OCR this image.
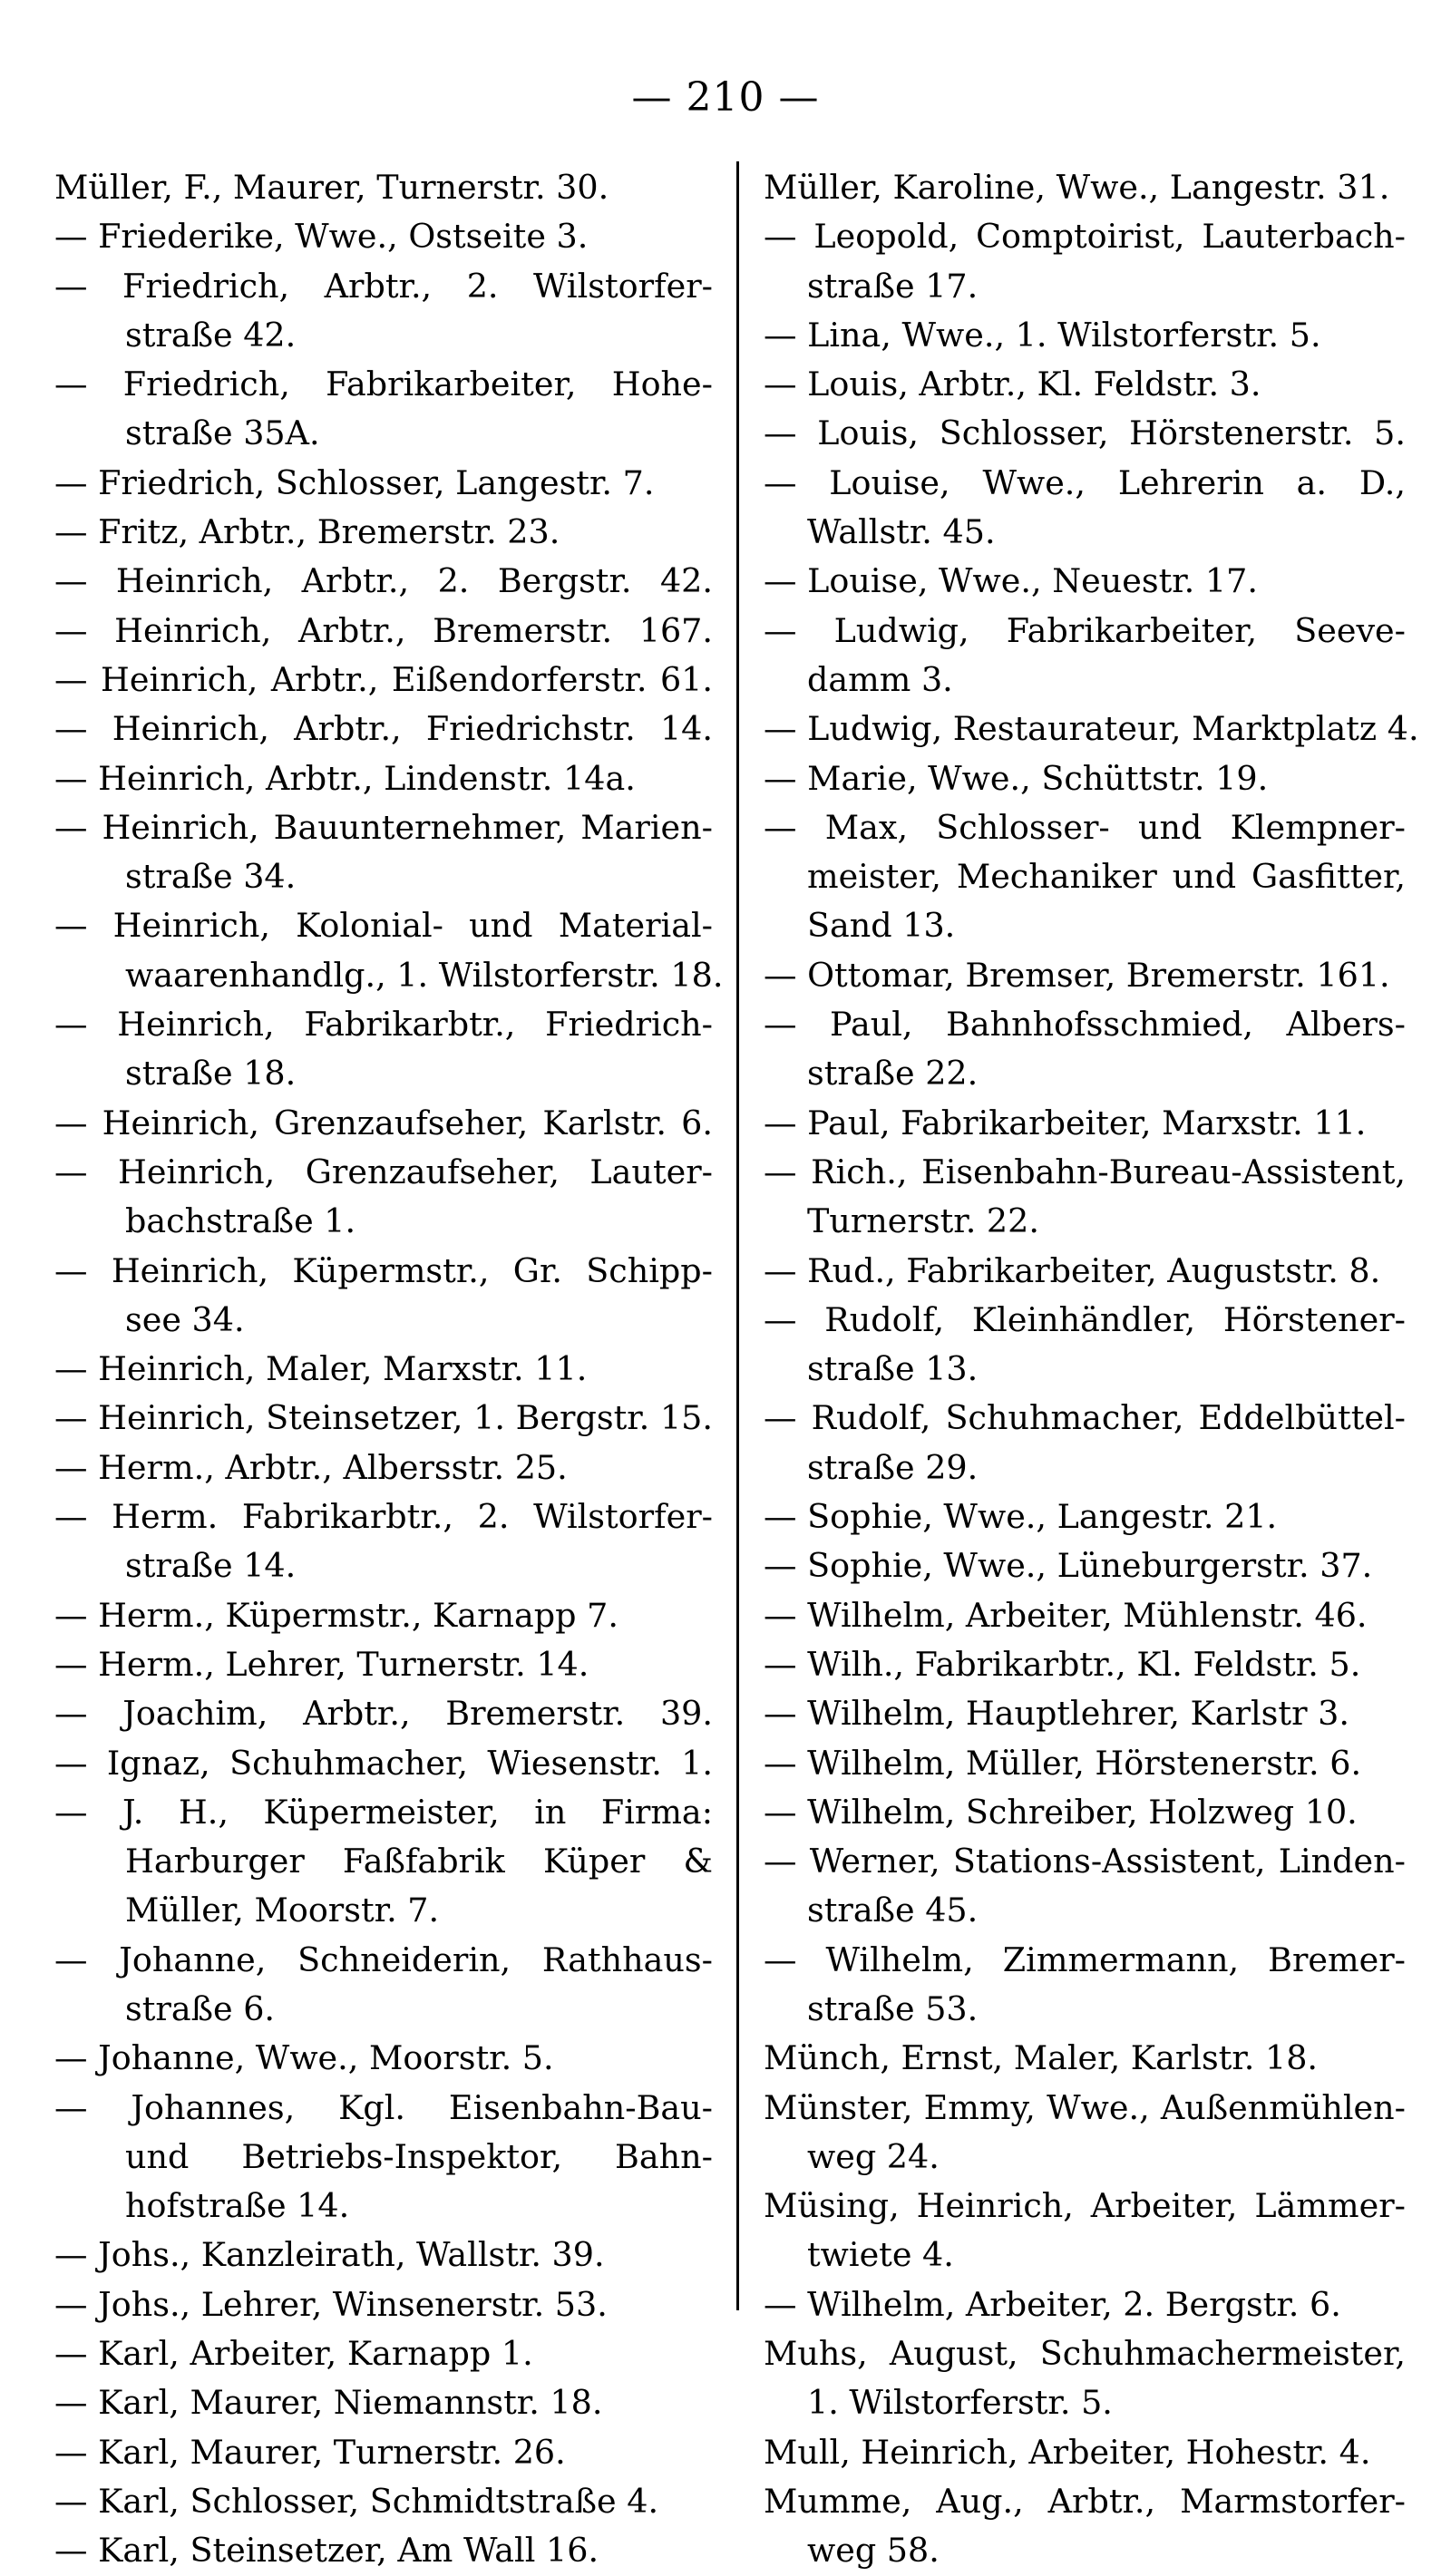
— 210 —
Müller, F., Maurer, Turnerstr. 30.
— Friederike, Wwe., Ostseite 3.
— Friedrich, Arbtr., 2. Wilstorfer-
straße 42.
— Friedrich, Fabrikarbeiter, Hohe-
straße 35A.
— Friedrich, Schlosser, Langestr. 7.
— Fritz, Arbtr., Bremerstr. 23.
— Heinrich, Arbtr., 2. Bergstr. 42.
— Heinrich, Arbtr., Bremerstr. 167.
— Heinrich, Arbtr., Eißendorferstr. 61.
— Heinrich, Arbtr., Friedrichstr. 14.
— Heinrich, Arbtr., Lindenstr. 14a.
— Heinrich, Bauunternehmer, Marien-
straße 34.
— Heinrich, Kolonial- und Material-
waarenhandlg., 1. Wilstorferstr. 18.
— Heinrich, Fabrikarbtr., Friedrich-
straße 18.
— Heinrich, Grenzaufseher, Karlstr. 6.
— Heinrich, Grenzaufseher, Lauter-
bachstraße 1.
— Heinrich, Küpermstr., Gr. Schipp-
see 34.
— Heinrich, Maler, Marxstr. 11.
— Heinrich, Steinsetzer, 1. Bergstr. 15.
— Herm., Arbtr., Albersstr. 25.
— Herm. Fabrikarbtr., 2. Wilstorfer-
straße 14.
— Herm., Küpermstr., Karnapp 7.
— Herm., Lehrer, Turnerstr. 14.
— Joachim, Arbtr., Bremerstr. 39.
— Ignaz, Schuhmacher, Wiesenstr. 1.
— J. H., Küpermeister, in Firma:
Harburger Faßfabrik Küper &
Müller, Moorstr. 7.
— Johanne, Schneiderin, Rathhaus-
straße 6.
— Johanne, Wwe., Moorstr. 5.
— Johannes, Kgl. Eisenbahn-Bau-
und Betriebs-Inspektor, Bahn-
hofstraße 14.
— Johs., Kanzleirath, Wallstr. 39.
— Johs., Lehrer, Winsenerstr. 53.
— Karl, Arbeiter, Karnapp 1.
— Karl, Maurer, Niemannstr. 18.
— Karl, Maurer, Turnerstr. 26.
— Karl, Schlosser, Schmidtstraße 4.
— Karl, Steinsetzer, Am Wall 16.
Müller, Karoline, Wwe., Langestr. 31.
— Leopold, Comptoirist, Lauterbach-
straße 17.
— Lina, Wwe., 1. Wilstorferstr. 5.
— Louis, Arbtr., Kl. Feldstr. 3.
— Louis, Schlosser, Hörstenerstr. 5.
— Louise, Wwe., Lehrerin a. D.,
Wallstr. 45.
— Louise, Wwe., Neuestr. 17.
— Ludwig, Fabrikarbeiter, Seeve-
damm 3.
— Ludwig, Restaurateur, Marktplatz 4.
— Marie, Wwe., Schüttstr. 19.
— Max, Schlosser- und Klempner-
meister, Mechaniker und Gasfitter,
Sand 13.
— Ottomar, Bremser, Bremerstr. 161.
— Paul, Bahnhofsschmied, Albers-
straße 22.
— Paul, Fabrikarbeiter, Marxstr. 11.
— Rich., Eisenbahn-Bureau-Assistent,
Turnerstr. 22.
— Rud., Fabrikarbeiter, Auguststr. 8.
— Rudolf, Kleinhändler, Hörstener-
straße 13.
— Rudolf, Schuhmacher, Eddelbüttel-
straße 29.
— Sophie, Wwe., Langestr. 21.
— Sophie, Wwe., Lüneburgerstr. 37.
— Wilhelm, Arbeiter, Mühlenstr. 46.
— Wilh., Fabrikarbtr., Kl. Feldstr. 5.
— Wilhelm, Hauptlehrer, Karlstr 3.
— Wilhelm, Müller, Hörstenerstr. 6.
— Wilhelm, Schreiber, Holzweg 10.
— Werner, Stations-Assistent, Linden-
straße 45.
— Wilhelm, Zimmermann, Bremer-
straße 53.
Münch, Ernst, Maler, Karlstr. 18.
Münster, Emmy, Wwe., Außenmühlen-
weg 24.
Müsing, Heinrich, Arbeiter, Lämmer-
twiete 4.
— Wilhelm, Arbeiter, 2. Bergstr. 6.
Muhs, August, Schuhmachermeister,
1. Wilstorferstr. 5.
Mull, Heinrich, Arbeiter, Hohestr. 4.
Mumme, Aug., Arbtr., Marmstorfer-
weg 58.
